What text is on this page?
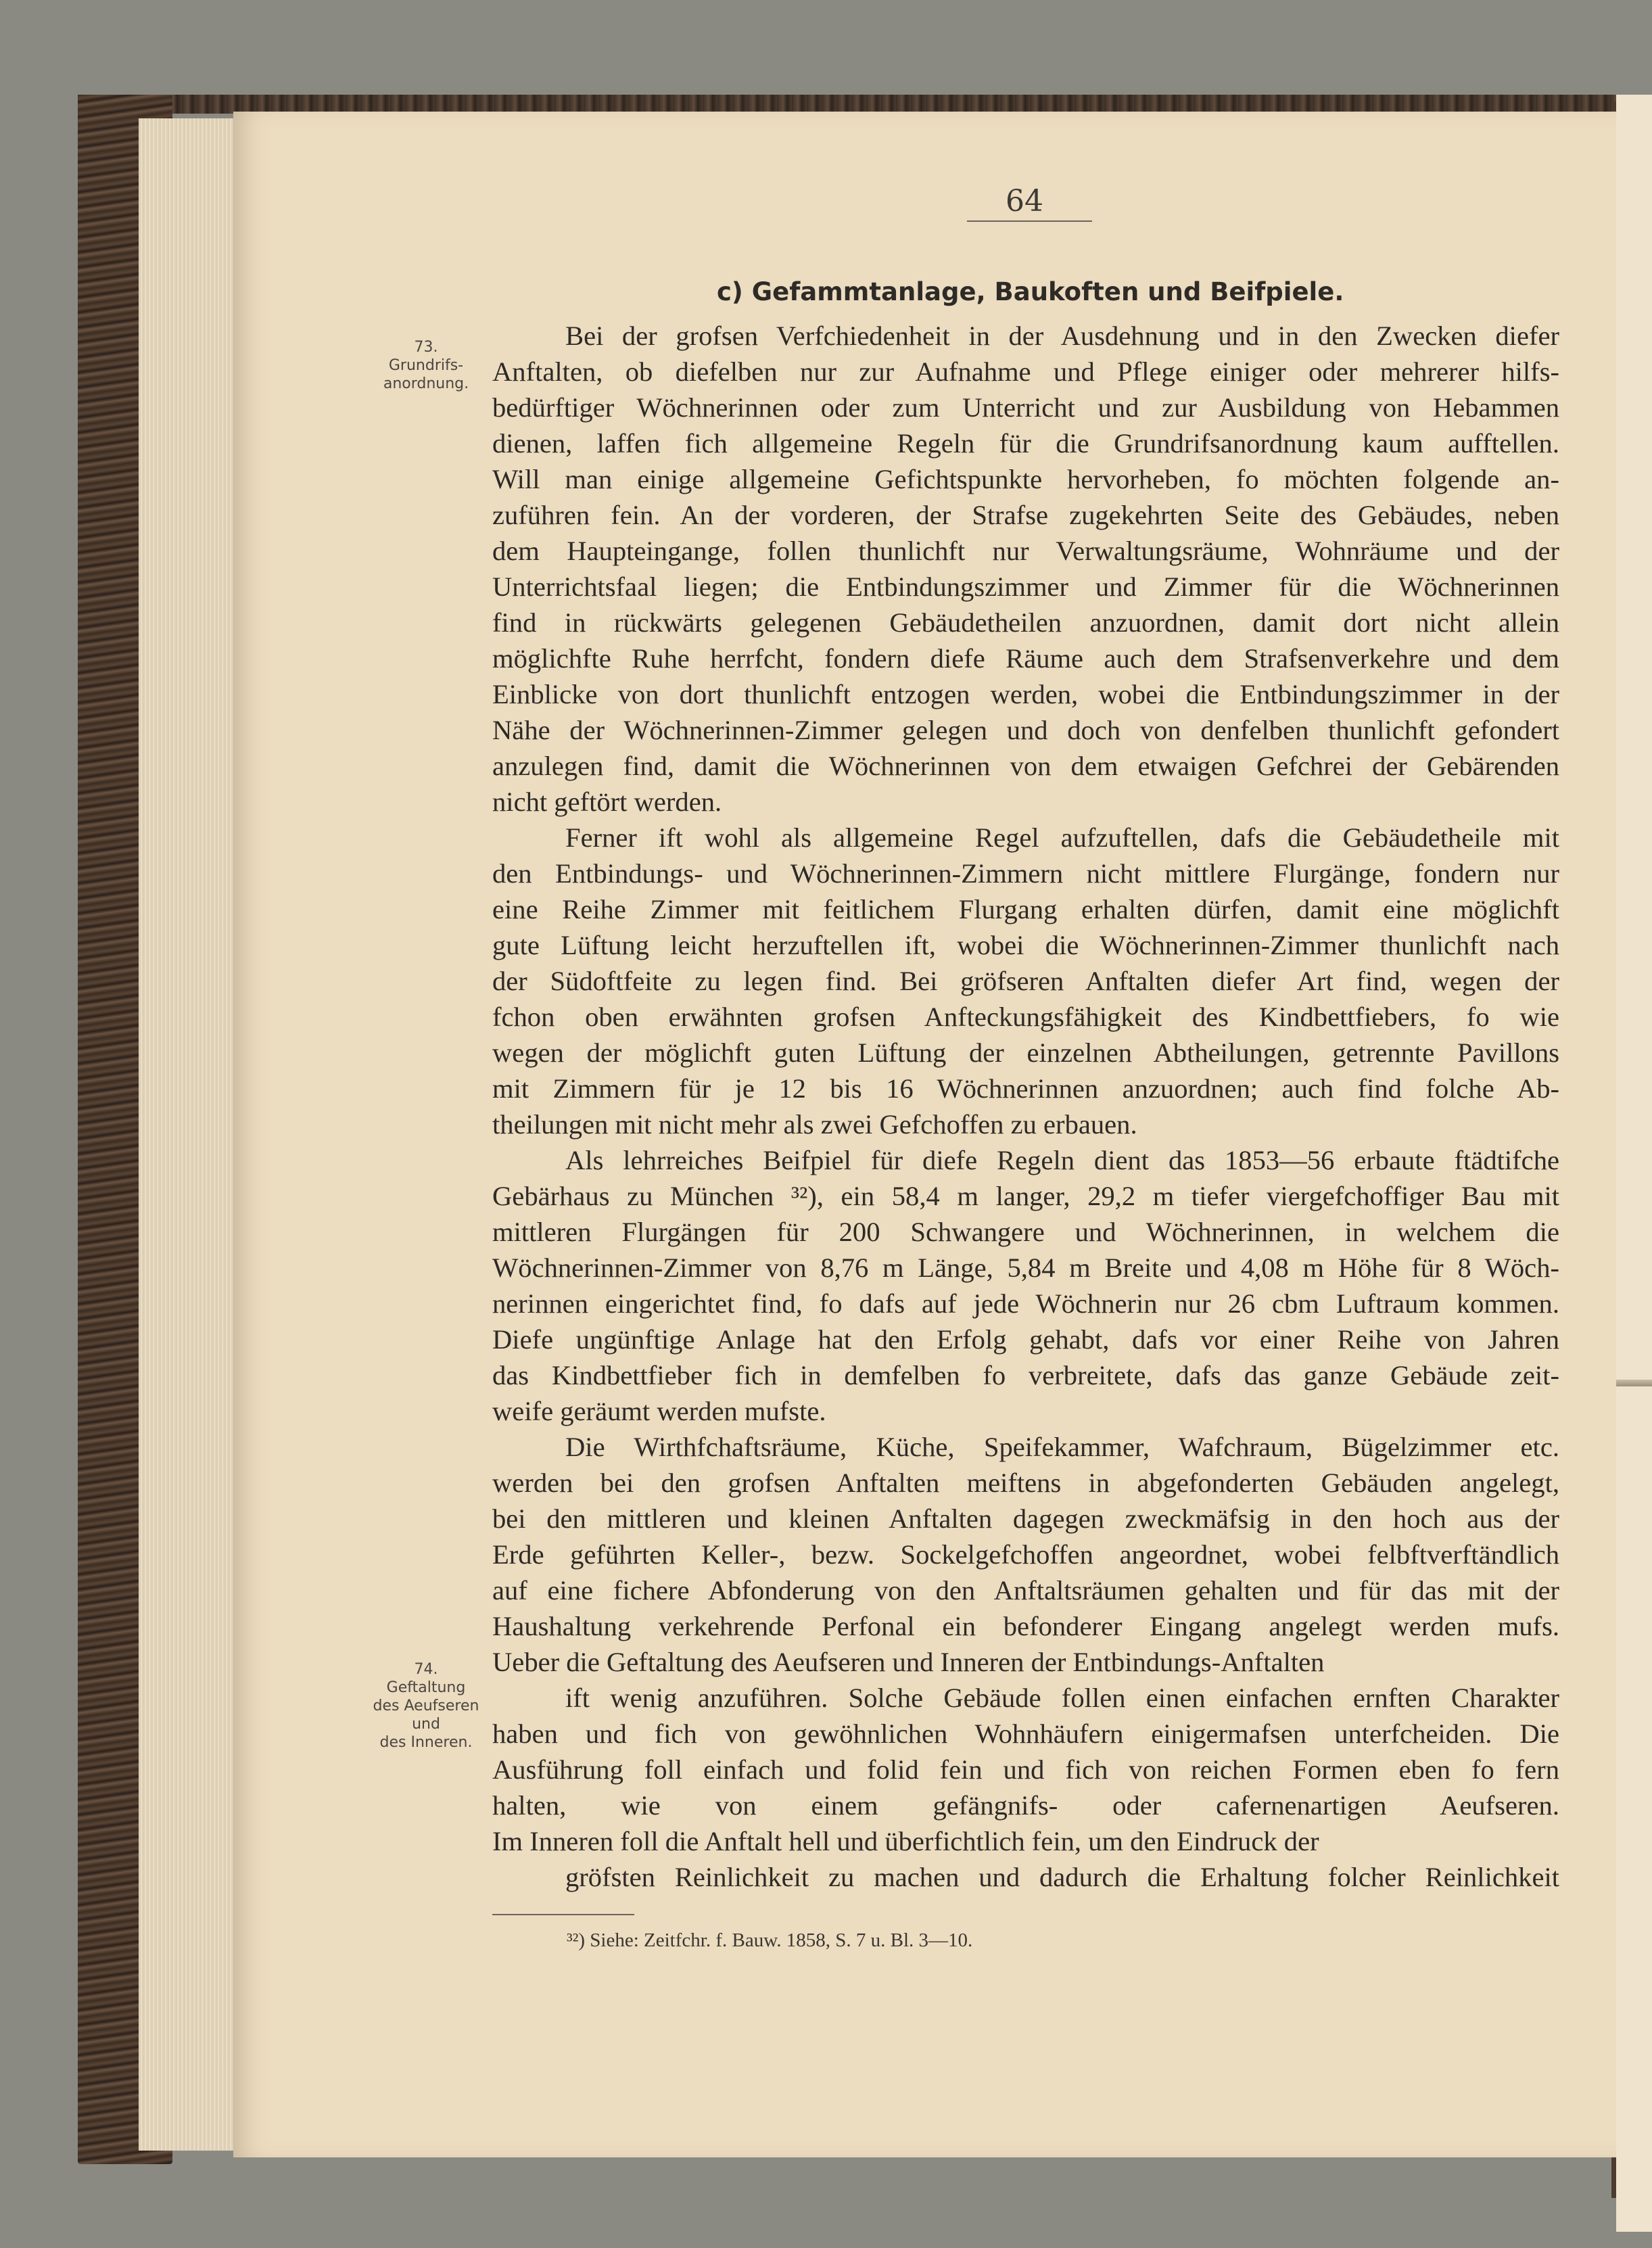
64
c) Gefammtanlage, Baukoften und Beifpiele.
73.
Grundrifs-
anordnung.
74.
Geftaltung
des Aeufseren
und
des Inneren.
Bei der grofsen Verfchiedenheit in der Ausdehnung und in den Zwecken diefer
Anftalten, ob diefelben nur zur Aufnahme und Pflege einiger oder mehrerer hilfs-
bedürftiger Wöchnerinnen oder zum Unterricht und zur Ausbildung von Hebammen
dienen, laffen fich allgemeine Regeln für die Grundrifsanordnung kaum aufftellen.
Will man einige allgemeine Gefichtspunkte hervorheben, fo möchten folgende an-
zuführen fein. An der vorderen, der Strafse zugekehrten Seite des Gebäudes, neben
dem Haupteingange, follen thunlichft nur Verwaltungsräume, Wohnräume und der
Unterrichtsfaal liegen; die Entbindungszimmer und Zimmer für die Wöchnerinnen
find in rückwärts gelegenen Gebäudetheilen anzuordnen, damit dort nicht allein
möglichfte Ruhe herrfcht, fondern diefe Räume auch dem Strafsenverkehre und dem
Einblicke von dort thunlichft entzogen werden, wobei die Entbindungszimmer in der
Nähe der Wöchnerinnen-Zimmer gelegen und doch von denfelben thunlichft gefondert
anzulegen find, damit die Wöchnerinnen von dem etwaigen Gefchrei der Gebärenden
nicht geftört werden.
Ferner ift wohl als allgemeine Regel aufzuftellen, dafs die Gebäudetheile mit
den Entbindungs- und Wöchnerinnen-Zimmern nicht mittlere Flurgänge, fondern nur
eine Reihe Zimmer mit feitlichem Flurgang erhalten dürfen, damit eine möglichft
gute Lüftung leicht herzuftellen ift, wobei die Wöchnerinnen-Zimmer thunlichft nach
der Südoftfeite zu legen find. Bei gröfseren Anftalten diefer Art find, wegen der
fchon oben erwähnten grofsen Anfteckungsfähigkeit des Kindbettfiebers, fo wie
wegen der möglichft guten Lüftung der einzelnen Abtheilungen, getrennte Pavillons
mit Zimmern für je 12 bis 16 Wöchnerinnen anzuordnen; auch find folche Ab-
theilungen mit nicht mehr als zwei Gefchoffen zu erbauen.
Als lehrreiches Beifpiel für diefe Regeln dient das 1853—56 erbaute ftädtifche
Gebärhaus zu München ³²), ein 58,4 m langer, 29,2 m tiefer viergefchoffiger Bau mit
mittleren Flurgängen für 200 Schwangere und Wöchnerinnen, in welchem die
Wöchnerinnen-Zimmer von 8,76 m Länge, 5,84 m Breite und 4,08 m Höhe für 8 Wöch-
nerinnen eingerichtet find, fo dafs auf jede Wöchnerin nur 26 cbm Luftraum kommen.
Diefe ungünftige Anlage hat den Erfolg gehabt, dafs vor einer Reihe von Jahren
das Kindbettfieber fich in demfelben fo verbreitete, dafs das ganze Gebäude zeit-
weife geräumt werden mufste.
Die Wirthfchaftsräume, Küche, Speifekammer, Wafchraum, Bügelzimmer etc.
werden bei den grofsen Anftalten meiftens in abgefonderten Gebäuden angelegt,
bei den mittleren und kleinen Anftalten dagegen zweckmäfsig in den hoch aus der
Erde geführten Keller-, bezw. Sockelgefchoffen angeordnet, wobei felbftverftändlich
auf eine fichere Abfonderung von den Anftaltsräumen gehalten und für das mit der
Haushaltung verkehrende Perfonal ein befonderer Eingang angelegt werden mufs.
Ueber die Geftaltung des Aeufseren und Inneren der Entbindungs-Anftalten
ift wenig anzuführen. Solche Gebäude follen einen einfachen ernften Charakter
haben und fich von gewöhnlichen Wohnhäufern einigermafsen unterfcheiden. Die
Ausführung foll einfach und folid fein und fich von reichen Formen eben fo fern
halten, wie von einem gefängnifs- oder cafernenartigen Aeufseren.
Im Inneren foll die Anftalt hell und überfichtlich fein, um den Eindruck der
gröfsten Reinlichkeit zu machen und dadurch die Erhaltung folcher Reinlichkeit
³²) Siehe: Zeitfchr. f. Bauw. 1858, S. 7 u. Bl. 3—10.
